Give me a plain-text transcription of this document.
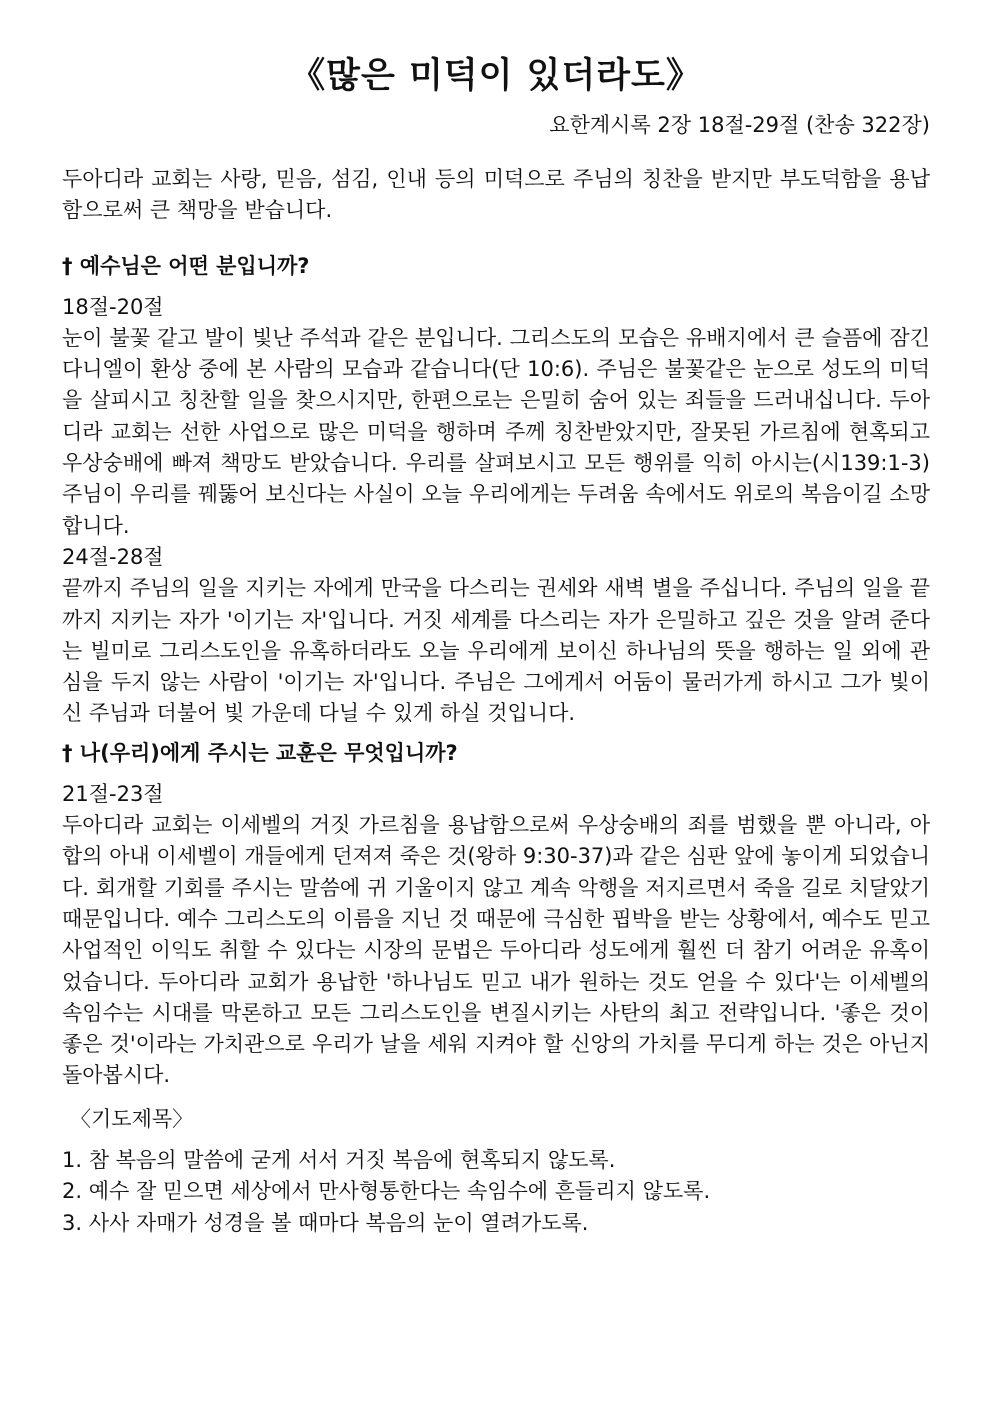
《많은 미덕이 있더라도》
요한계시록 2장 18절-29절 (찬송 322장)

두아디라 교회는 사랑, 믿음, 섬김, 인내 등의 미덕으로 주님의 칭찬을 받지만 부도덕함을 용납함으로써 큰 책망을 받습니다.

† 예수님은 어떤 분입니까?
18절-20절

눈이 불꽃 같고 발이 빛난 주석과 같은 분입니다. 그리스도의 모습은 유배지에서 큰 슬픔에 잠긴 다니엘이 환상 중에 본 사람의 모습과 같습니다(단 10:6). 주님은 불꽃같은 눈으로 성도의 미덕을 살피시고 칭찬할 일을 찾으시지만, 한편으로는 은밀히 숨어 있는 죄들을 드러내십니다. 두아디라 교회는 선한 사업으로 많은 미덕을 행하며 주께 칭찬받았지만, 잘못된 가르침에 현혹되고 우상숭배에 빠져 책망도 받았습니다. 우리를 살펴보시고 모든 행위를 익히 아시는(시139:1-3) 주님이 우리를 꿰뚫어 보신다는 사실이 오늘 우리에게는 두려움 속에서도 위로의 복음이길 소망합니다.

24절-28절

끝까지 주님의 일을 지키는 자에게 만국을 다스리는 권세와 새벽 별을 주십니다. 주님의 일을 끝까지 지키는 자가 '이기는 자'입니다. 거짓 세계를 다스리는 자가 은밀하고 깊은 것을 알려 준다는 빌미로 그리스도인을 유혹하더라도 오늘 우리에게 보이신 하나님의 뜻을 행하는 일 외에 관심을 두지 않는 사람이 '이기는 자'입니다. 주님은 그에게서 어둠이 물러가게 하시고 그가 빛이신 주님과 더불어 빛 가운데 다닐 수 있게 하실 것입니다.

† 나(우리)에게 주시는 교훈은 무엇입니까?
21절-23절

두아디라 교회는 이세벨의 거짓 가르침을 용납함으로써 우상숭배의 죄를 범했을 뿐 아니라, 아합의 아내 이세벨이 개들에게 던져져 죽은 것(왕하 9:30-37)과 같은 심판 앞에 놓이게 되었습니다. 회개할 기회를 주시는 말씀에 귀 기울이지 않고 계속 악행을 저지르면서 죽을 길로 치달았기 때문입니다. 예수 그리스도의 이름을 지닌 것 때문에 극심한 핍박을 받는 상황에서, 예수도 믿고 사업적인 이익도 취할 수 있다는 시장의 문법은 두아디라 성도에게 훨씬 더 참기 어려운 유혹이었습니다. 두아디라 교회가 용납한 '하나님도 믿고 내가 원하는 것도 얻을 수 있다'는 이세벨의 속임수는 시대를 막론하고 모든 그리스도인을 변질시키는 사탄의 최고 전략입니다. '좋은 것이 좋은 것'이라는 가치관으로 우리가 날을 세워 지켜야 할 신앙의 가치를 무디게 하는 것은 아닌지 돌아봅시다.

〈기도제목〉

1. 참 복음의 말씀에 굳게 서서 거짓 복음에 현혹되지 않도록.

2. 예수 잘 믿으면 세상에서 만사형통한다는 속임수에 흔들리지 않도록.

3. 사사 자매가 성경을 볼 때마다 복음의 눈이 열려가도록.
